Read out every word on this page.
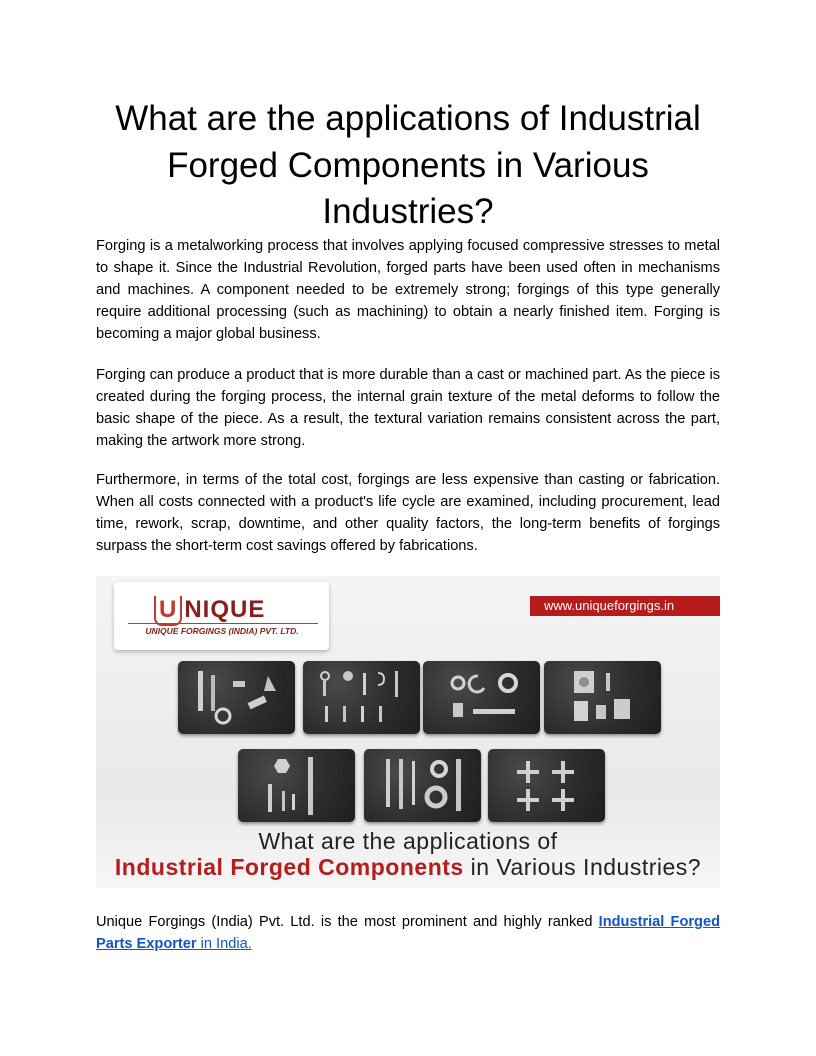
What are the applications of Industrial Forged Components in Various Industries?

Forging is a metalworking process that involves applying focused compressive stresses to metal to shape it. Since the Industrial Revolution, forged parts have been used often in mechanisms and machines. A component needed to be extremely strong; forgings of this type generally require additional processing (such as machining) to obtain a nearly finished item. Forging is becoming a major global business.

Forging can produce a product that is more durable than a cast or machined part. As the piece is created during the forging process, the internal grain texture of the metal deforms to follow the basic shape of the piece. As a result, the textural variation remains consistent across the part, making the artwork more strong.

Furthermore, in terms of the total cost, forgings are less expensive than casting or fabrication. When all costs connected with a product's life cycle are examined, including procurement, lead time, rework, scrap, downtime, and other quality factors, the long-term benefits of forgings surpass the short-term cost savings offered by fabrications.

U NIQUE
UNIQUE FORGINGS (INDIA) PVT. LTD.
www.uniqueforgings.in
What are the applications of
Industrial Forged Components in Various Industries?

Unique Forgings (India) Pvt. Ltd. is the most prominent and highly ranked Industrial Forged Parts Exporter in India.
